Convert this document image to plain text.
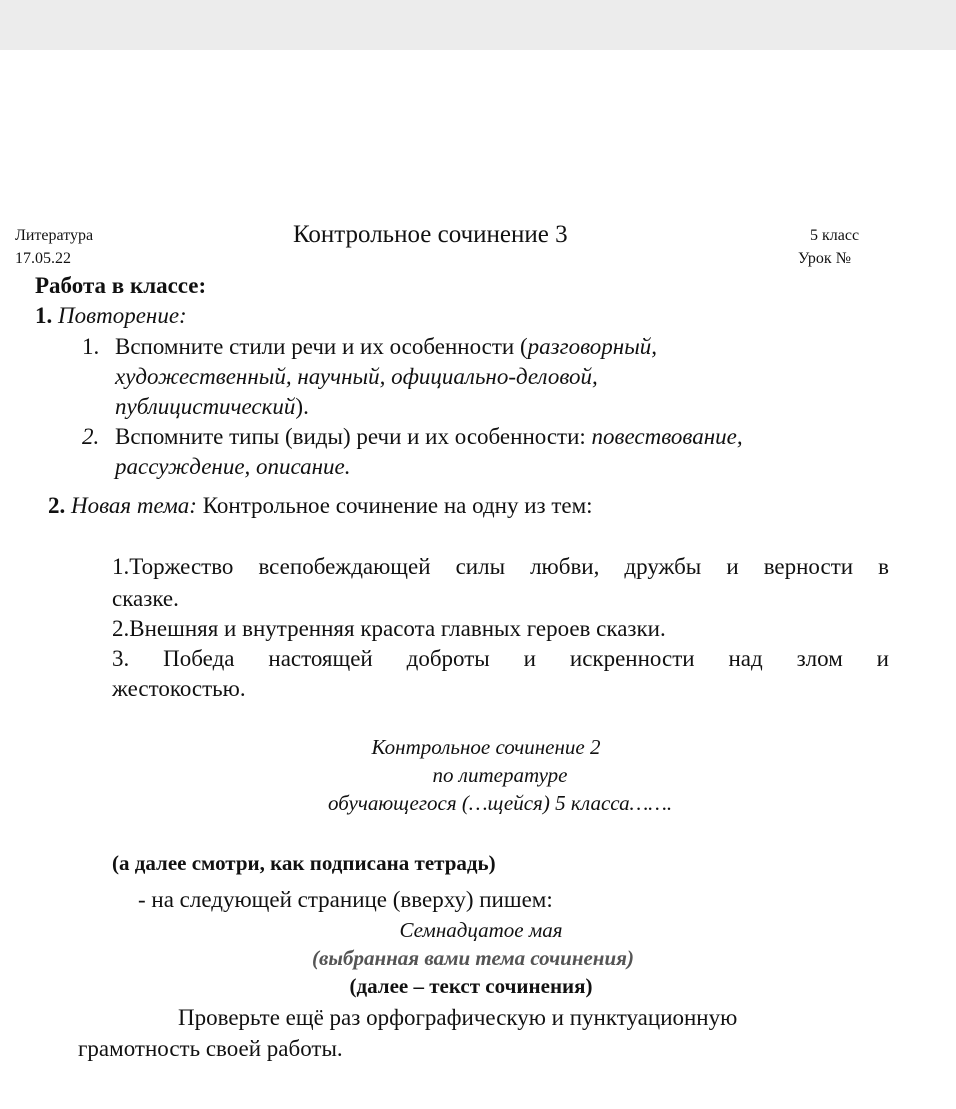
Литература
17.05.22
Контрольное сочинение 3	5 класс
Урок №
Работа в классе:
1. Повторение:
1. Вспомните стили речи и их особенности (разговорный,
художественный, научный, официально-деловой,
публицистический).
2. Вспомните типы (виды) речи и их особенности: повествование,
рассуждение, описание.
2. Новая тема: Контрольное сочинение на одну из тем:
1.Торжество всепобеждающей силы любви, дружбы и верности в
сказке.
2.Внешняя и внутренняя красота главных героев сказки.
3. Победа настоящей доброты и искренности над злом и
жестокостью.
Контрольное сочинение 2
по литературе
обучающегося (…щейся) 5 класса…….
(а далее смотри, как подписана тетрадь)
- на следующей странице (вверху) пишем:
Семнадцатое мая
(выбранная вами тема сочинения)
(далее – текст сочинения)
Проверьте ещё раз орфографическую и пунктуационную
грамотность своей работы.
